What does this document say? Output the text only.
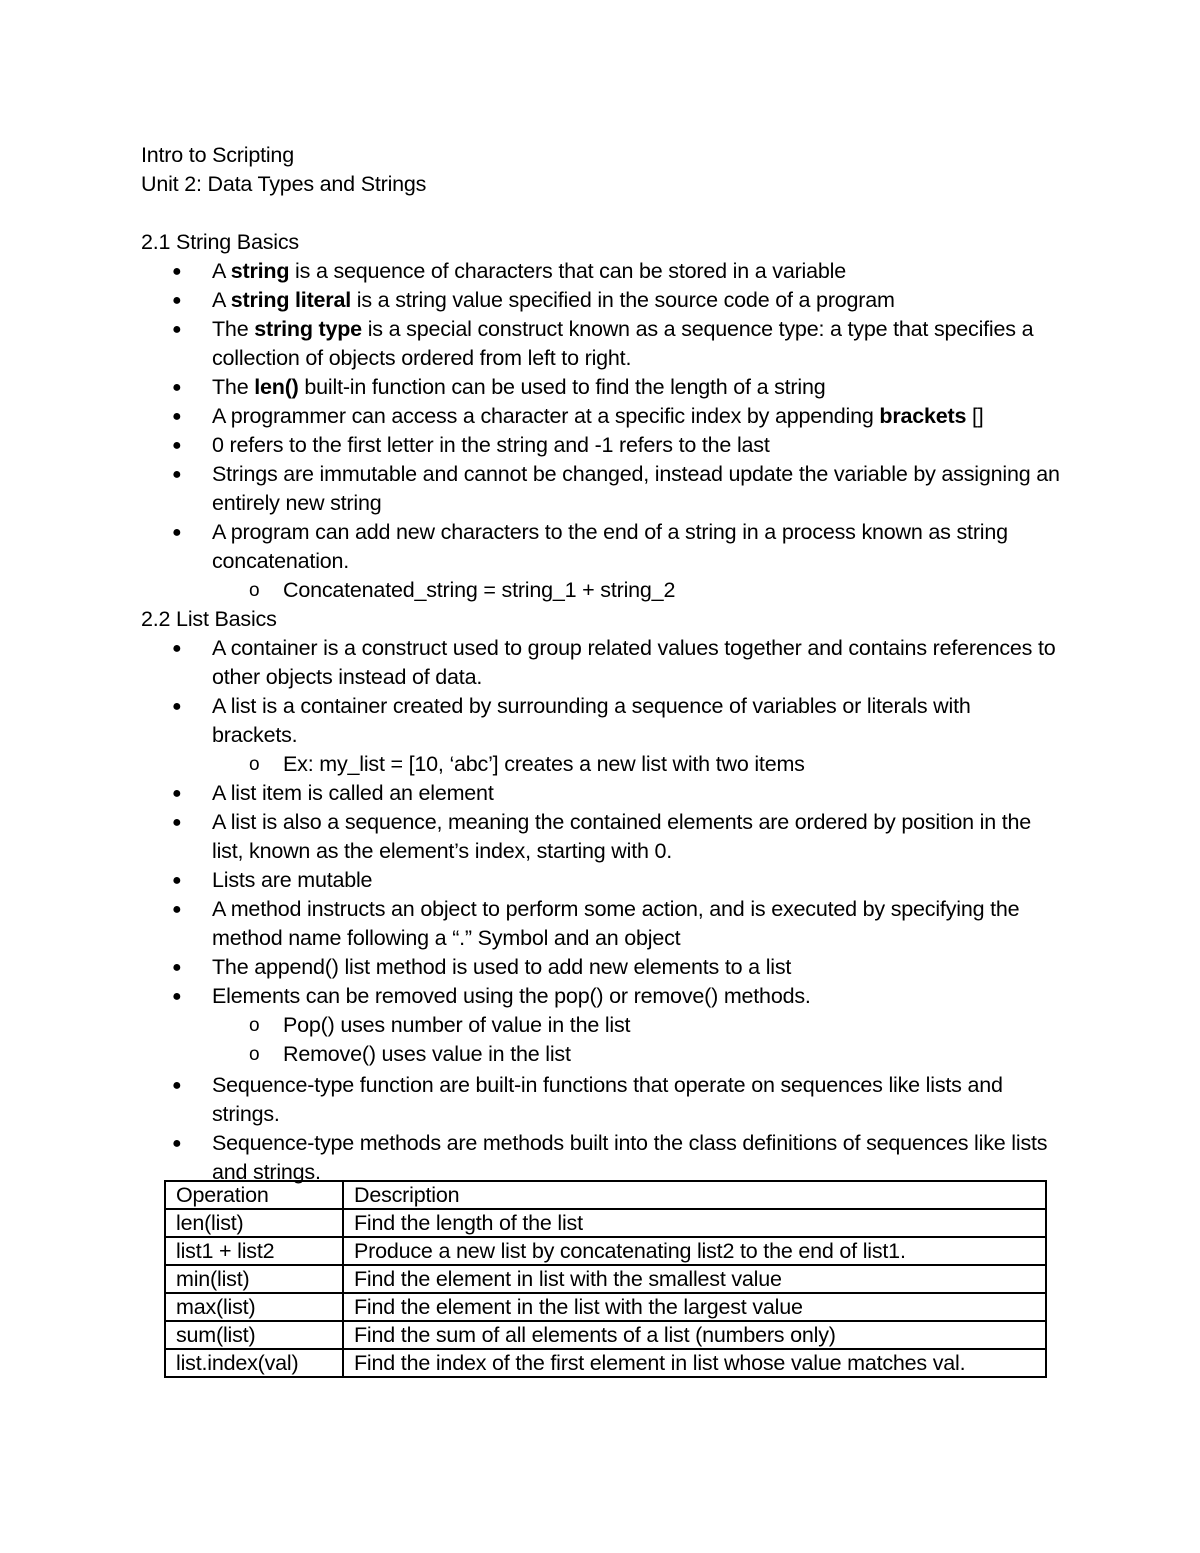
Intro to Scripting
Unit 2: Data Types and Strings
2.1 String Basics
● A string is a sequence of characters that can be stored in a variable
● A string literal is a string value specified in the source code of a program
● The string type is a special construct known as a sequence type: a type that specifies a collection of objects ordered from left to right.
● The len() built-in function can be used to find the length of a string
● A programmer can access a character at a specific index by appending brackets []
● 0 refers to the first letter in the string and -1 refers to the last
● Strings are immutable and cannot be changed, instead update the variable by assigning an entirely new string
● A program can add new characters to the end of a string in a process known as string concatenation.
o Concatenated_string = string_1 + string_2
2.2 List Basics
● A container is a construct used to group related values together and contains references to other objects instead of data.
● A list is a container created by surrounding a sequence of variables or literals with brackets.
o Ex: my_list = [10, ‘abc’] creates a new list with two items
● A list item is called an element
● A list is also a sequence, meaning the contained elements are ordered by position in the list, known as the element’s index, starting with 0.
● Lists are mutable
● A method instructs an object to perform some action, and is executed by specifying the method name following a “.” Symbol and an object
● The append() list method is used to add new elements to a list
● Elements can be removed using the pop() or remove() methods.
o Pop() uses number of value in the list
o Remove() uses value in the list
● Sequence-type function are built-in functions that operate on sequences like lists and strings.
● Sequence-type methods are methods built into the class definitions of sequences like lists and strings.
Operation	Description
len(list)	Find the length of the list
list1 + list2	Produce a new list by concatenating list2 to the end of list1.
min(list)	Find the element in list with the smallest value
max(list)	Find the element in the list with the largest value
sum(list)	Find the sum of all elements of a list (numbers only)
list.index(val)	Find the index of the first element in list whose value matches val.
